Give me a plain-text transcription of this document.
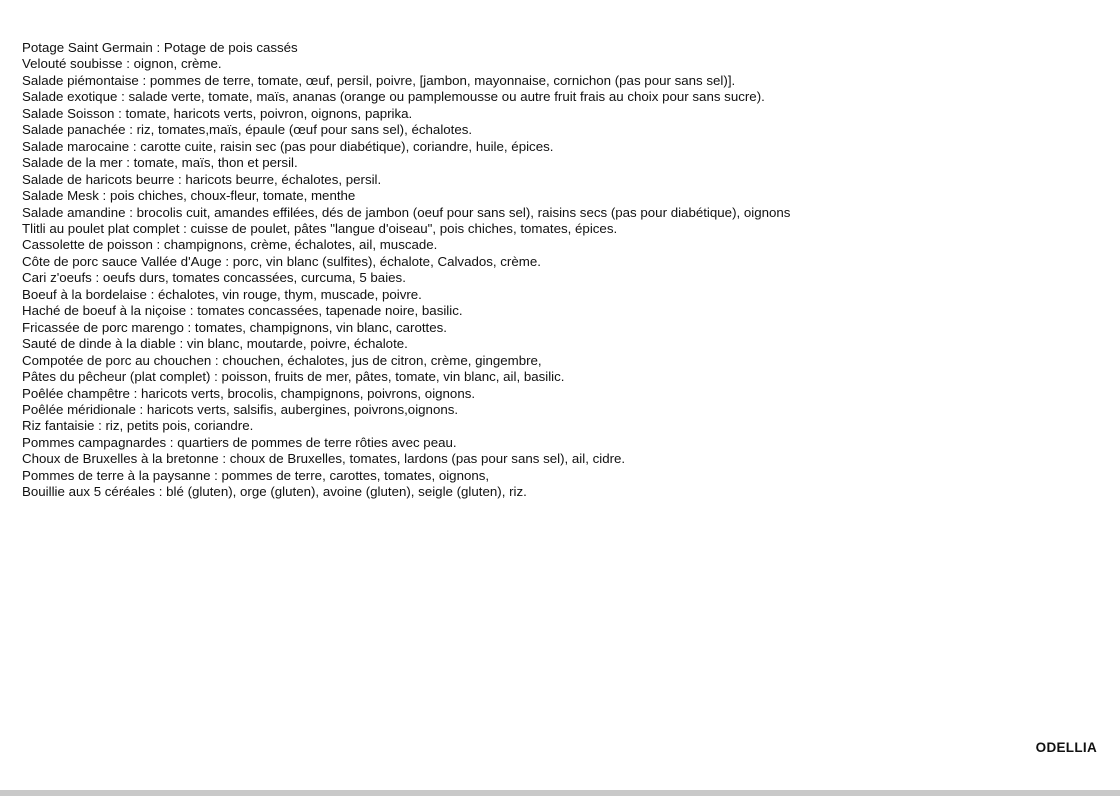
Potage Saint Germain : Potage de pois cassés
Velouté soubisse : oignon, crème.
Salade piémontaise : pommes de terre, tomate, œuf, persil, poivre, [jambon, mayonnaise, cornichon (pas pour sans sel)].
Salade exotique : salade verte, tomate, maïs, ananas (orange ou pamplemousse ou autre fruit frais au choix pour sans sucre).
Salade Soisson : tomate, haricots verts, poivron, oignons, paprika.
Salade panachée : riz, tomates,maïs, épaule (œuf pour sans sel), échalotes.
Salade marocaine : carotte cuite, raisin sec (pas pour diabétique), coriandre, huile, épices.
Salade de la mer : tomate, maïs, thon et persil.
Salade de haricots beurre : haricots beurre, échalotes, persil.
Salade Mesk : pois chiches, choux-fleur, tomate, menthe
Salade amandine : brocolis cuit, amandes effilées, dés de jambon (oeuf pour sans sel), raisins secs (pas pour diabétique), oignons
Tlitli au poulet plat complet : cuisse de poulet, pâtes "langue d'oiseau", pois chiches, tomates, épices.
Cassolette de poisson : champignons, crème, échalotes, ail, muscade.
Côte de porc sauce Vallée d'Auge : porc, vin blanc (sulfites), échalote, Calvados, crème.
Cari z'oeufs : oeufs durs, tomates concassées, curcuma, 5 baies.
Boeuf à la bordelaise : échalotes, vin rouge, thym, muscade, poivre.
Haché de boeuf à la niçoise : tomates concassées, tapenade noire, basilic.
Fricassée de porc marengo : tomates, champignons, vin blanc, carottes.
Sauté de dinde à la diable : vin blanc, moutarde, poivre, échalote.
Compotée de porc au chouchen : chouchen, échalotes, jus de citron, crème, gingembre,
Pâtes du pêcheur (plat complet) : poisson, fruits de mer, pâtes, tomate, vin blanc, ail, basilic.
Poêlée champêtre : haricots verts, brocolis, champignons, poivrons, oignons.
Poêlée méridionale : haricots verts, salsifis, aubergines, poivrons,oignons.
Riz fantaisie : riz, petits pois, coriandre.
Pommes campagnardes : quartiers de pommes de terre rôties avec peau.
Choux de Bruxelles à la bretonne : choux de Bruxelles, tomates, lardons (pas pour sans sel), ail, cidre.
Pommes de terre à la paysanne : pommes de terre, carottes, tomates, oignons,
Bouillie aux 5 céréales : blé (gluten), orge (gluten), avoine (gluten), seigle (gluten), riz.
ODELLIA
